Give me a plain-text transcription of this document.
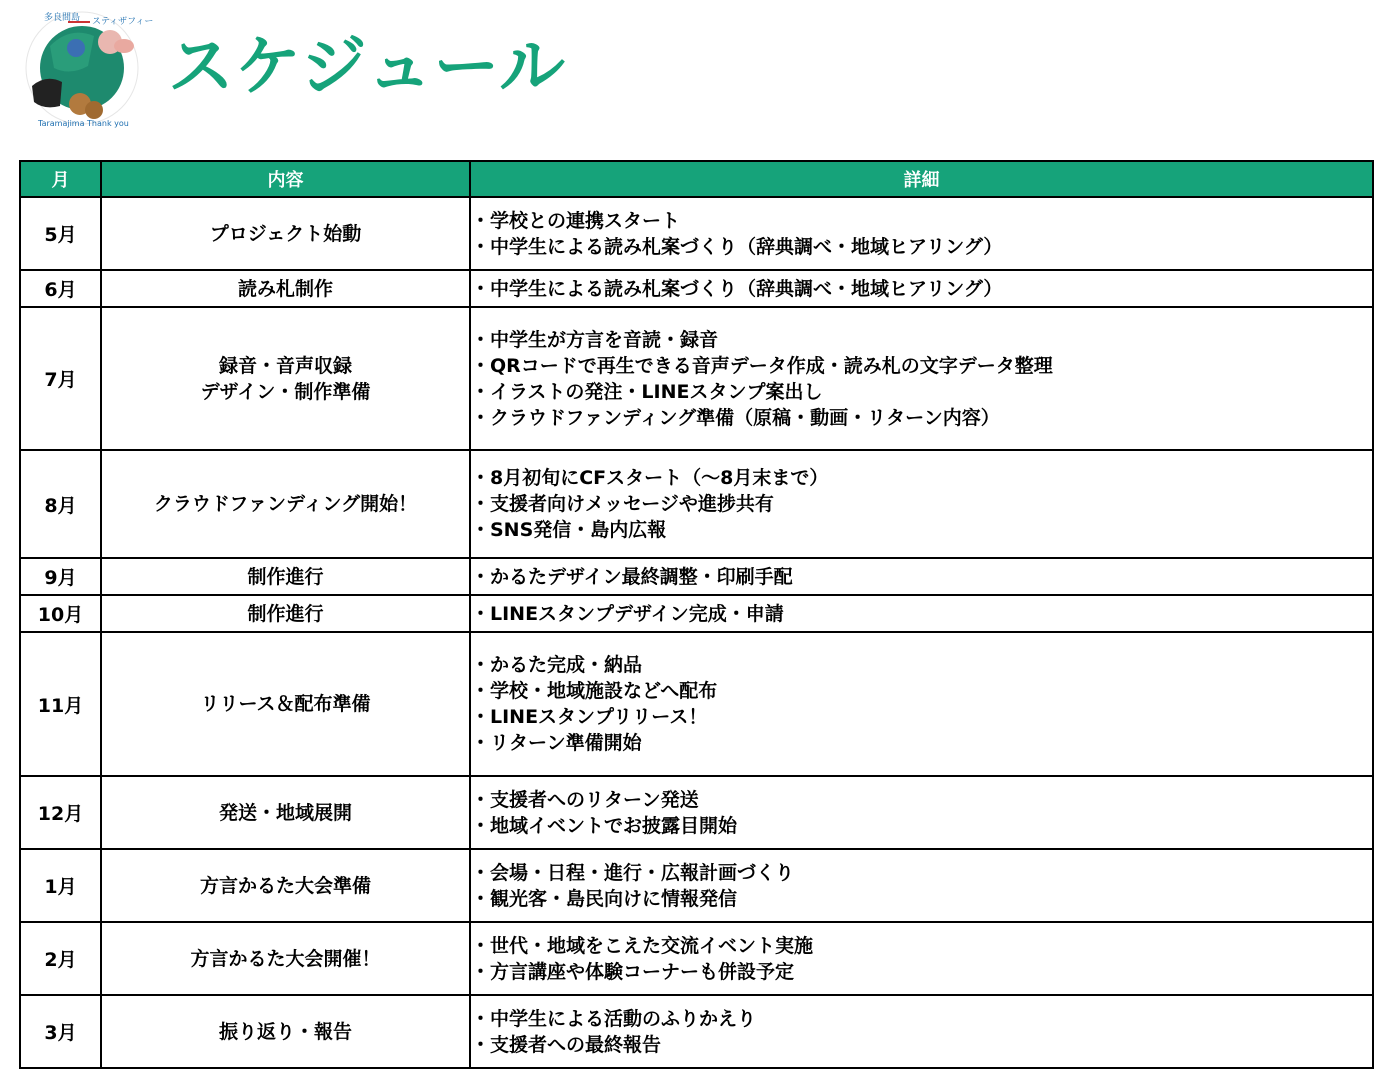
多良間島 スティザフィー
Taramajima Thank you
スケジュール
月	内容	詳細
5月	プロジェクト始動	・学校との連携スタート
・中学生による読み札案づくり（辞典調べ・地域ヒアリング）

6月	読み札制作	・中学生による読み札案づくり（辞典調べ・地域ヒアリング）

7月	録音・音声収録
デザイン・制作準備	・中学生が方言を音読・録音
・QRコードで再生できる音声データ作成・読み札の文字データ整理
・イラストの発注・LINEスタンプ案出し
・クラウドファンディング準備（原稿・動画・リターン内容）

8月	クラウドファンディング開始！	・8月初旬にCFスタート（～8月末まで）
・支援者向けメッセージや進捗共有
・SNS発信・島内広報

9月	制作進行	・かるたデザイン最終調整・印刷手配

10月	制作進行	・LINEスタンプデザイン完成・申請

11月	リリース＆配布準備	・かるた完成・納品
・学校・地域施設などへ配布
・LINEスタンプリリース！
・リターン準備開始

12月	発送・地域展開	・支援者へのリターン発送
・地域イベントでお披露目開始

1月	方言かるた大会準備	・会場・日程・進行・広報計画づくり
・観光客・島民向けに情報発信

2月	方言かるた大会開催！	・世代・地域をこえた交流イベント実施
・方言講座や体験コーナーも併設予定

3月	振り返り・報告	・中学生による活動のふりかえり
・支援者への最終報告
